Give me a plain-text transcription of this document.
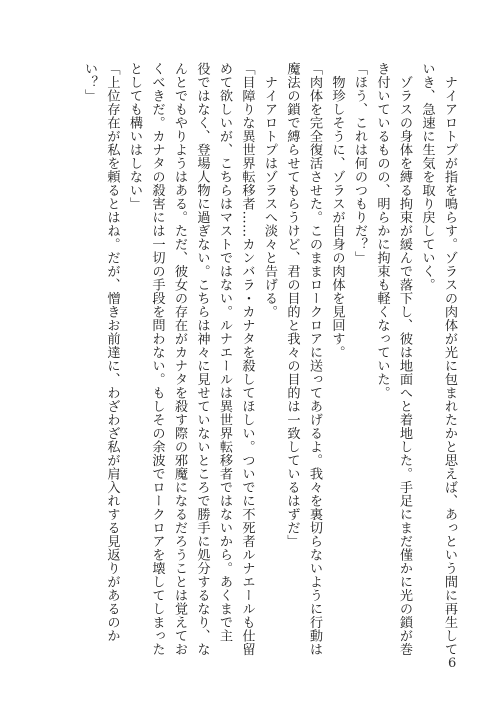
　ナイアロトプが指を鳴らす。ゾラスの肉体が光に包まれたかと思えば、あっという間に再生して
いき、急速に生気を取り戻していく。
　ゾラスの身体を縛る拘束が緩んで落下し、彼は地面へと着地した。手足にまだ僅かに光の鎖が巻
き付いているものの、明らかに拘束も軽くなっていた。
「ほう、これは何のつもりだ？」
　物珍しそうに、ゾラスが自身の肉体を見回す。
「肉体を完全復活させた。このままロークロアに送ってあげるよ。我々を裏切らないように行動は
魔法の鎖で縛らせてもらうけど、君の目的と我々の目的は一致しているはずだ」
　ナイアロトプはゾラスへ淡々と告げる。
「目障りな異世界転移者……カンバラ・カナタを殺してほしい。ついでに不死者ルナエールも仕留
めて欲しいが、こちらはマストではない。ルナエールは異世界転移者ではないから。あくまで主
役ではなく、登場人物に過ぎない。こちらは神々に見せていないところで勝手に処分するなり、な
んとでもやりようはある。ただ、彼女の存在がカナタを殺す際の邪魔になるだろうことは覚えてお
くべきだ。カナタの殺害には一切の手段を問わない。もしその余波でロークロアを壊してしまった
としても構いはしない」
「上位存在が私を頼るとはね。だが、憎きお前達に、わざわざ私が肩入れする見返りがあるのか
い？」
6
